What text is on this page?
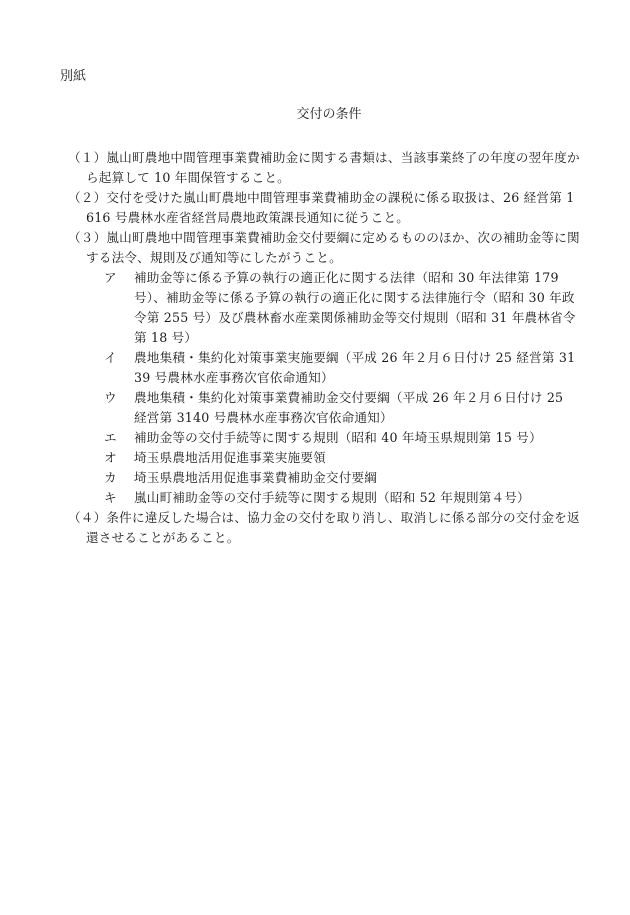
別紙
交付の条件
（１）嵐山町農地中間管理事業費補助金に関する書類は、当該事業終了の年度の翌年度から起算して 10 年間保管すること。
（２）交付を受けた嵐山町農地中間管理事業費補助金の課税に係る取扱は、26 経営第 1616 号農林水産省経営局農地政策課長通知に従うこと。
（３）嵐山町農地中間管理事業費補助金交付要綱に定めるもののほか、次の補助金等に関する法令、規則及び通知等にしたがうこと。
ア 補助金等に係る予算の執行の適正化に関する法律（昭和 30 年法律第 179 号）、補助金等に係る予算の執行の適正化に関する法律施行令（昭和 30 年政令第 255 号）及び農林畜水産業関係補助金等交付規則（昭和 31 年農林省令第 18 号）
イ 農地集積・集約化対策事業実施要綱（平成 26 年２月６日付け 25 経営第 3139 号農林水産事務次官依命通知）
ウ 農地集積・集約化対策事業費補助金交付要綱（平成 26 年２月６日付け 25 経営第 3140 号農林水産事務次官依命通知）
エ 補助金等の交付手続等に関する規則（昭和 40 年埼玉県規則第 15 号）
オ 埼玉県農地活用促進事業実施要領
カ 埼玉県農地活用促進事業費補助金交付要綱
キ 嵐山町補助金等の交付手続等に関する規則（昭和 52 年規則第４号）
（４）条件に違反した場合は、協力金の交付を取り消し、取消しに係る部分の交付金を返還させることがあること。
